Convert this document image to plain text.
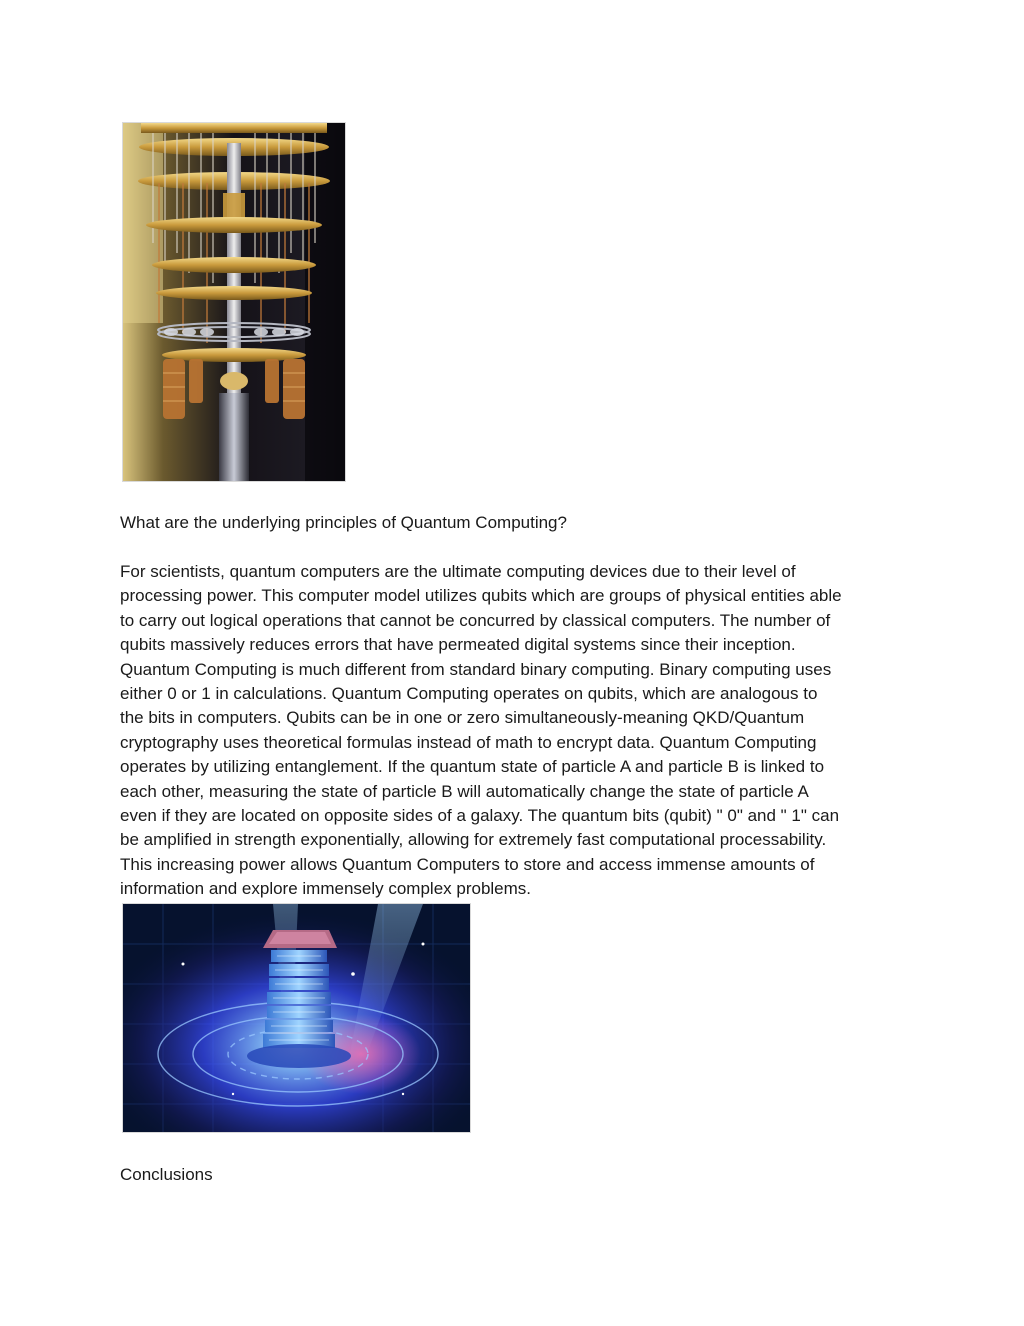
What are the underlying principles of Quantum Computing?

For scientists, quantum computers are the ultimate computing devices due to their level of
processing power. This computer model utilizes qubits which are groups of physical entities able
to carry out logical operations that cannot be concurred by classical computers. The number of
qubits massively reduces errors that have permeated digital systems since their inception.
Quantum Computing is much different from standard binary computing. Binary computing uses
either 0 or 1 in calculations. Quantum Computing operates on qubits, which are analogous to
the bits in computers. Qubits can be in one or zero simultaneously-meaning QKD/Quantum
cryptography uses theoretical formulas instead of math to encrypt data. Quantum Computing
operates by utilizing entanglement. If the quantum state of particle A and particle B is linked to
each other, measuring the state of particle B will automatically change the state of particle A
even if they are located on opposite sides of a galaxy. The quantum bits (qubit) " 0" and " 1" can
be amplified in strength exponentially, allowing for extremely fast computational processability.
This increasing power allows Quantum Computers to store and access immense amounts of
information and explore immensely complex problems.

Conclusions
